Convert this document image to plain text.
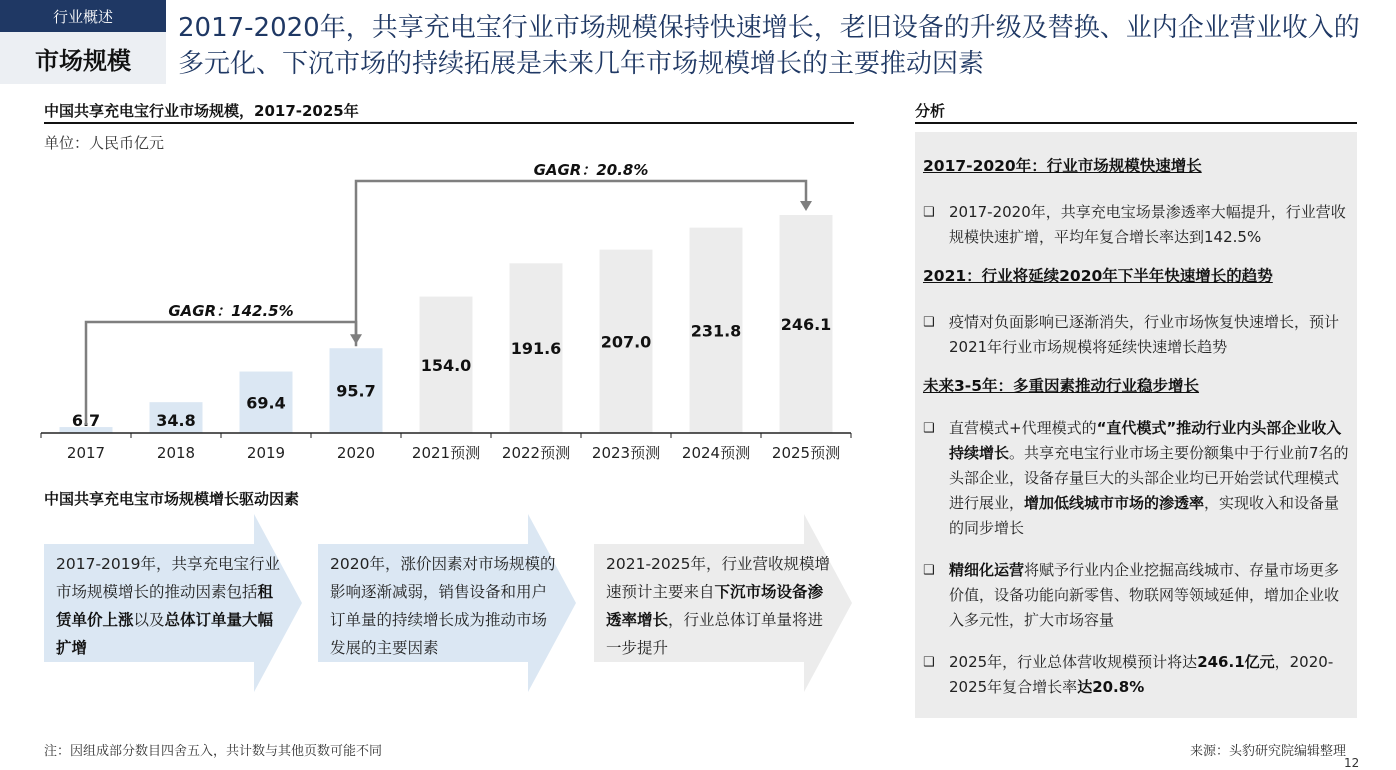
行业概述
市场规模
2017-2020年，共享充电宝行业市场规模保持快速增长，老旧设备的升级及替换、业内企业营业收入的多元化、下沉市场的持续拓展是未来几年市场规模增长的主要推动因素
中国共享充电宝行业市场规模，2017-2025年
单位：人民币亿元
6.7
2017
34.8
2018
69.4
2019
95.7
2020
154.0
2021预测
191.6
2022预测
207.0
2023预测
231.8
2024预测
246.1
2025预测
GAGR：142.5%
GAGR：20.8%
中国共享充电宝市场规模增长驱动因素
2017-2019年，共享充电宝行业市场规模增长的推动因素包括租赁单价上涨以及总体订单量大幅扩增
2020年，涨价因素对市场规模的影响逐渐减弱，销售设备和用户订单量的持续增长成为推动市场发展的主要因素
2021-2025年，行业营收规模增速预计主要来自下沉市场设备渗透率增长，行业总体订单量将进一步提升
分析
2017-2020年：行业市场规模快速增长
❑ 2017-2020年，共享充电宝场景渗透率大幅提升，行业营收规模快速扩增，平均年复合增长率达到142.5%
2021：行业将延续2020年下半年快速增长的趋势
❑ 疫情对负面影响已逐渐消失，行业市场恢复快速增长，预计2021年行业市场规模将延续快速增长趋势
未来3-5年：多重因素推动行业稳步增长
❑ 直营模式+代理模式的“直代模式”推动行业内头部企业收入持续增长。共享充电宝行业市场主要份额集中于行业前7名的头部企业，设备存量巨大的头部企业均已开始尝试代理模式进行展业，增加低线城市市场的渗透率，实现收入和设备量的同步增长
❑ 精细化运营将赋予行业内企业挖掘高线城市、存量市场更多价值，设备功能向新零售、物联网等领域延伸，增加企业收入多元性，扩大市场容量
❑ 2025年，行业总体营收规模预计将达246.1亿元，2020-2025年复合增长率达20.8%
注：因组成部分数目四舍五入，共计数与其他页数可能不同	来源：头豹研究院编辑整理
12
